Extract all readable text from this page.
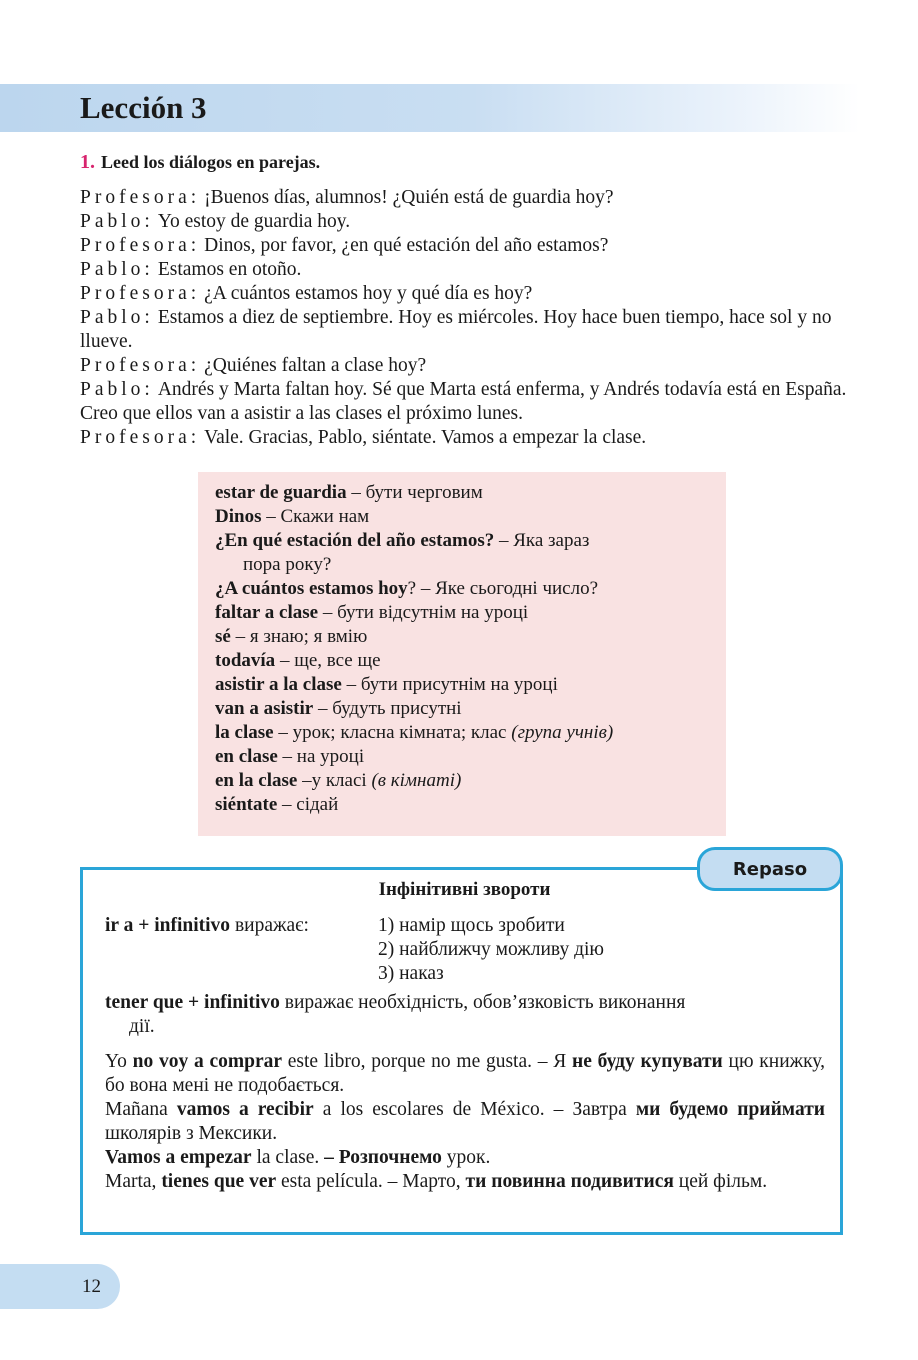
Lección 3
1. Leed los diálogos en parejas.

Profesora: ¡Buenos días, alumnos! ¿Quién está de guardia hoy?

Pablo: Yo estoy de guardia hoy.

Profesora: Dinos, por favor, ¿en qué estación del año estamos?

Pablo: Estamos en otoño.

Profesora: ¿A cuántos estamos hoy y qué día es hoy?

Pablo: Estamos a diez de septiembre. Hoy es miércoles. Hoy hace buen tiempo, hace sol y no llueve.

Profesora: ¿Quiénes faltan a clase hoy?

Pablo: Andrés y Marta faltan hoy. Sé que Marta está enferma, y Andrés todavía está en España. Creo que ellos van a asistir a las clases el próximo lunes.

Profesora: Vale. Gracias, Pablo, siéntate. Vamos a empezar la clase.

estar de guardia – бути черговим

Dinos – Скажи нам

¿En qué estación del año estamos? – Яка зараз

пора року?

¿A cuántos estamos hoy? – Яке сьогодні число?

faltar a clase – бути відсутнім на уроці

sé – я знаю; я вмію

todavía – ще, все ще

asistir a la clase – бути присутнім на уроці

van a asistir – будуть присутні

la clase – урок; класна кімната; клас (група учнів)

en clase – на уроці

en la clase –у класі (в кімнаті)

siéntate – сідай

Інфінітивні звороти
ir a + infinitivo виражає:	1) намір щось зробити
2) найближчу можливу дію
3) наказ
tener que + infinitivo виражає необхідність, обов’язковість виконання
дії.

Yo no voy a comprar este libro, porque no me gusta. – Я не буду купувати цю книжку, бо вона мені не подобається.

Mañana vamos a recibir a los escolares de México. – Завтра ми будемо приймати школярів з Мексики.

Vamos a empezar la clase. – Розпочнемо урок.

Marta, tienes que ver esta película. – Марто, ти повинна подивитися цей фільм.

Repaso
12
